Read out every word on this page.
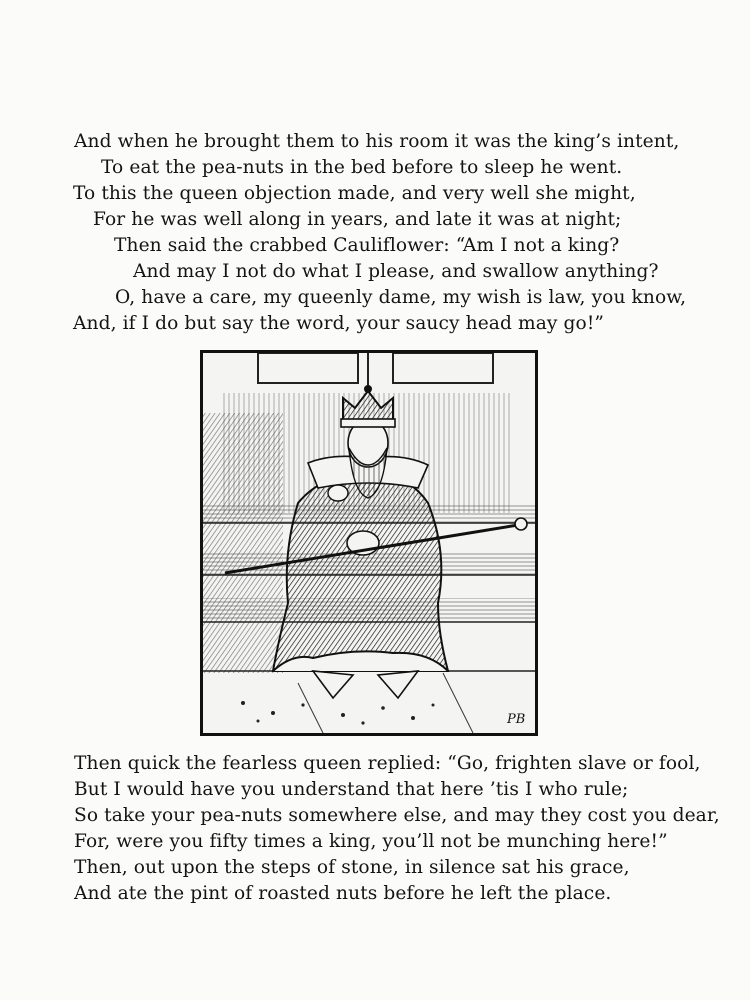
And when he brought them to his room it was the king’s intent,
To eat the pea-nuts in the bed before to sleep he went.
To this the queen objection made, and very well she might,
For he was well along in years, and late it was at night;
Then said the crabbed Cauliflower: “Am I not a king?
And may I not do what I please, and swallow anything?
O, have a care, my queenly dame, my wish is law, you know,
And, if I do but say the word, your saucy head may go!”
PB
Then quick the fearless queen replied: “Go, frighten slave or fool,
But I would have you understand that here ’tis I who rule;
So take your pea-nuts somewhere else, and may they cost you dear,
For, were you fifty times a king, you’ll not be munching here!”
Then, out upon the steps of stone, in silence sat his grace,
And ate the pint of roasted nuts before he left the place.
